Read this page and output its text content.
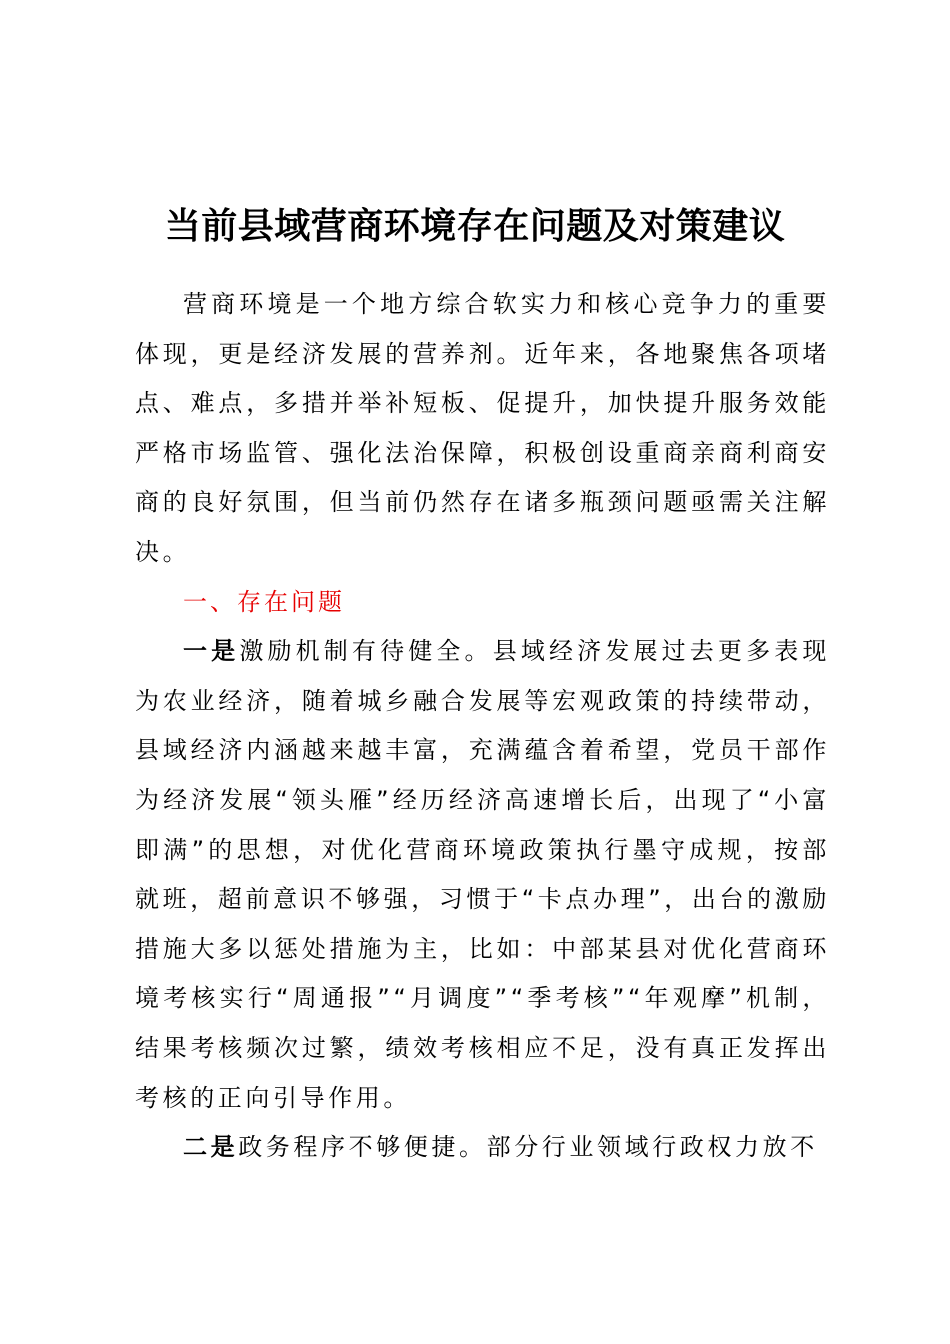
当前县域营商环境存在问题及对策建议

营商环境是一个地方综合软实力和核心竞争力的重要体现，更是经济发展的营养剂。近年来，各地聚焦各项堵点、难点，多措并举补短板、促提升，加快提升服务效能严格市场监管、强化法治保障，积极创设重商亲商利商安商的良好氛围，但当前仍然存在诸多瓶颈问题亟需关注解决。

一、存在问题

一是激励机制有待健全。县域经济发展过去更多表现为农业经济，随着城乡融合发展等宏观政策的持续带动，县域经济内涵越来越丰富，充满蕴含着希望，党员干部作为经济发展“领头雁”经历经济高速增长后，出现了“小富即满”的思想，对优化营商环境政策执行墨守成规，按部就班，超前意识不够强，习惯于“卡点办理”，出台的激励措施大多以惩处措施为主，比如：中部某县对优化营商环境考核实行“周通报”“月调度”“季考核”“年观摩”机制，结果考核频次过繁，绩效考核相应不足，没有真正发挥出考核的正向引导作用。

二是政务程序不够便捷。部分行业领域行政权力放不
